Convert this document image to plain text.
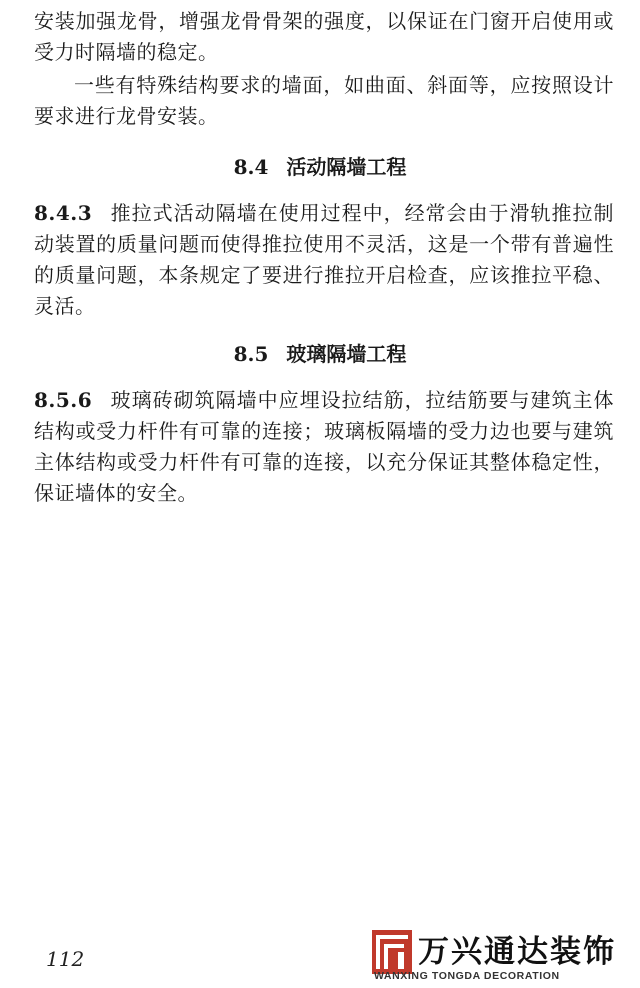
安装加强龙骨，增强龙骨骨架的强度，以保证在门窗开启使用或受力时隔墙的稳定。

一些有特殊结构要求的墙面，如曲面、斜面等，应按照设计要求进行龙骨安装。

8.4 活动隔墙工程

8.4.3 推拉式活动隔墙在使用过程中，经常会由于滑轨推拉制动装置的质量问题而使得推拉使用不灵活，这是一个带有普遍性的质量问题，本条规定了要进行推拉开启检查，应该推拉平稳、灵活。

8.5 玻璃隔墙工程

8.5.6 玻璃砖砌筑隔墙中应埋设拉结筋，拉结筋要与建筑主体结构或受力杆件有可靠的连接；玻璃板隔墙的受力边也要与建筑主体结构或受力杆件有可靠的连接，以充分保证其整体稳定性，保证墙体的安全。

112	万兴通达装饰
WANXING TONGDA DECORATION
